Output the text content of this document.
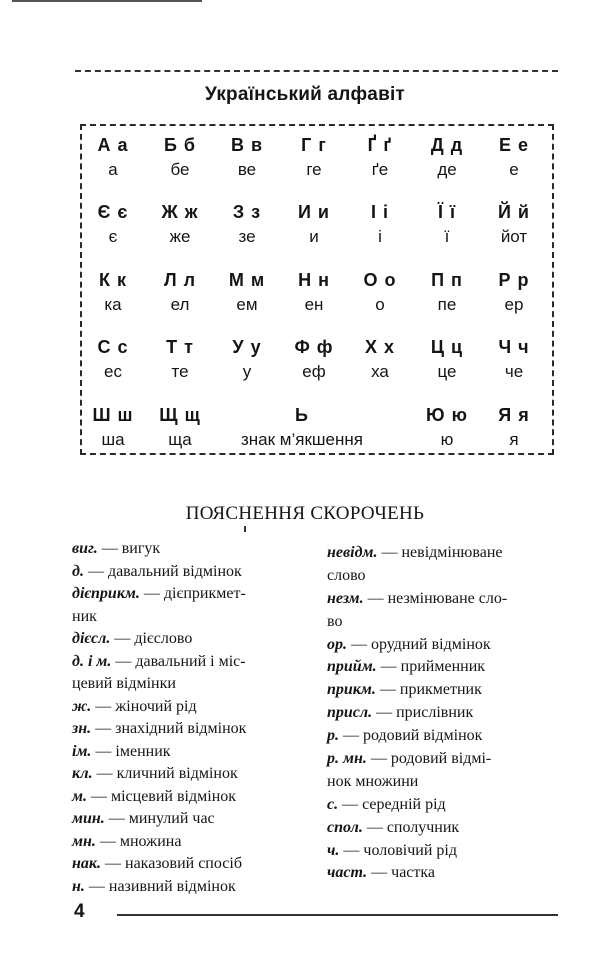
Український алфавіт
А а
а
Б б
бе
В в
ве
Г г
ге
Ґ ґ
ґе
Д д
де
Е е
е
Є є
є
Ж ж
же
З з
зе
И и
и
І і
і
Ї ї
ї
Й й
йот
К к
ка
Л л
ел
М м
ем
Н н
ен
О о
о
П п
пе
Р р
ер
С с
ес
Т т
те
У у
у
Ф ф
еф
Х х
ха
Ц ц
це
Ч ч
че
Ш ш
ша
Щ щ
ща
Ь
знак м’якшення
Ю ю
ю
Я я
я
ПОЯСНЕННЯ СКОРОЧЕНЬ
виг. — вигук
д. — давальний відмінок
дієприкм. — дієприкмет-
ник
дієсл. — дієслово
д. і м. — давальний і міс-
цевий відмінки
ж. — жіночий рід
зн. — знахідний відмінок
ім. — іменник
кл. — кличний відмінок
м. — місцевий відмінок
мин. — минулий час
мн. — множина
нак. — наказовий спосіб
н. — називний відмінок
невідм. — невідмінюване
слово
незм. — незмінюване сло-
во
ор. — орудний відмінок
прийм. — прийменник
прикм. — прикметник
присл. — прислівник
р. — родовий відмінок
р. мн. — родовий відмі-
нок множини
с. — середній рід
спол. — сполучник
ч. — чоловічий рід
част. — частка
4
